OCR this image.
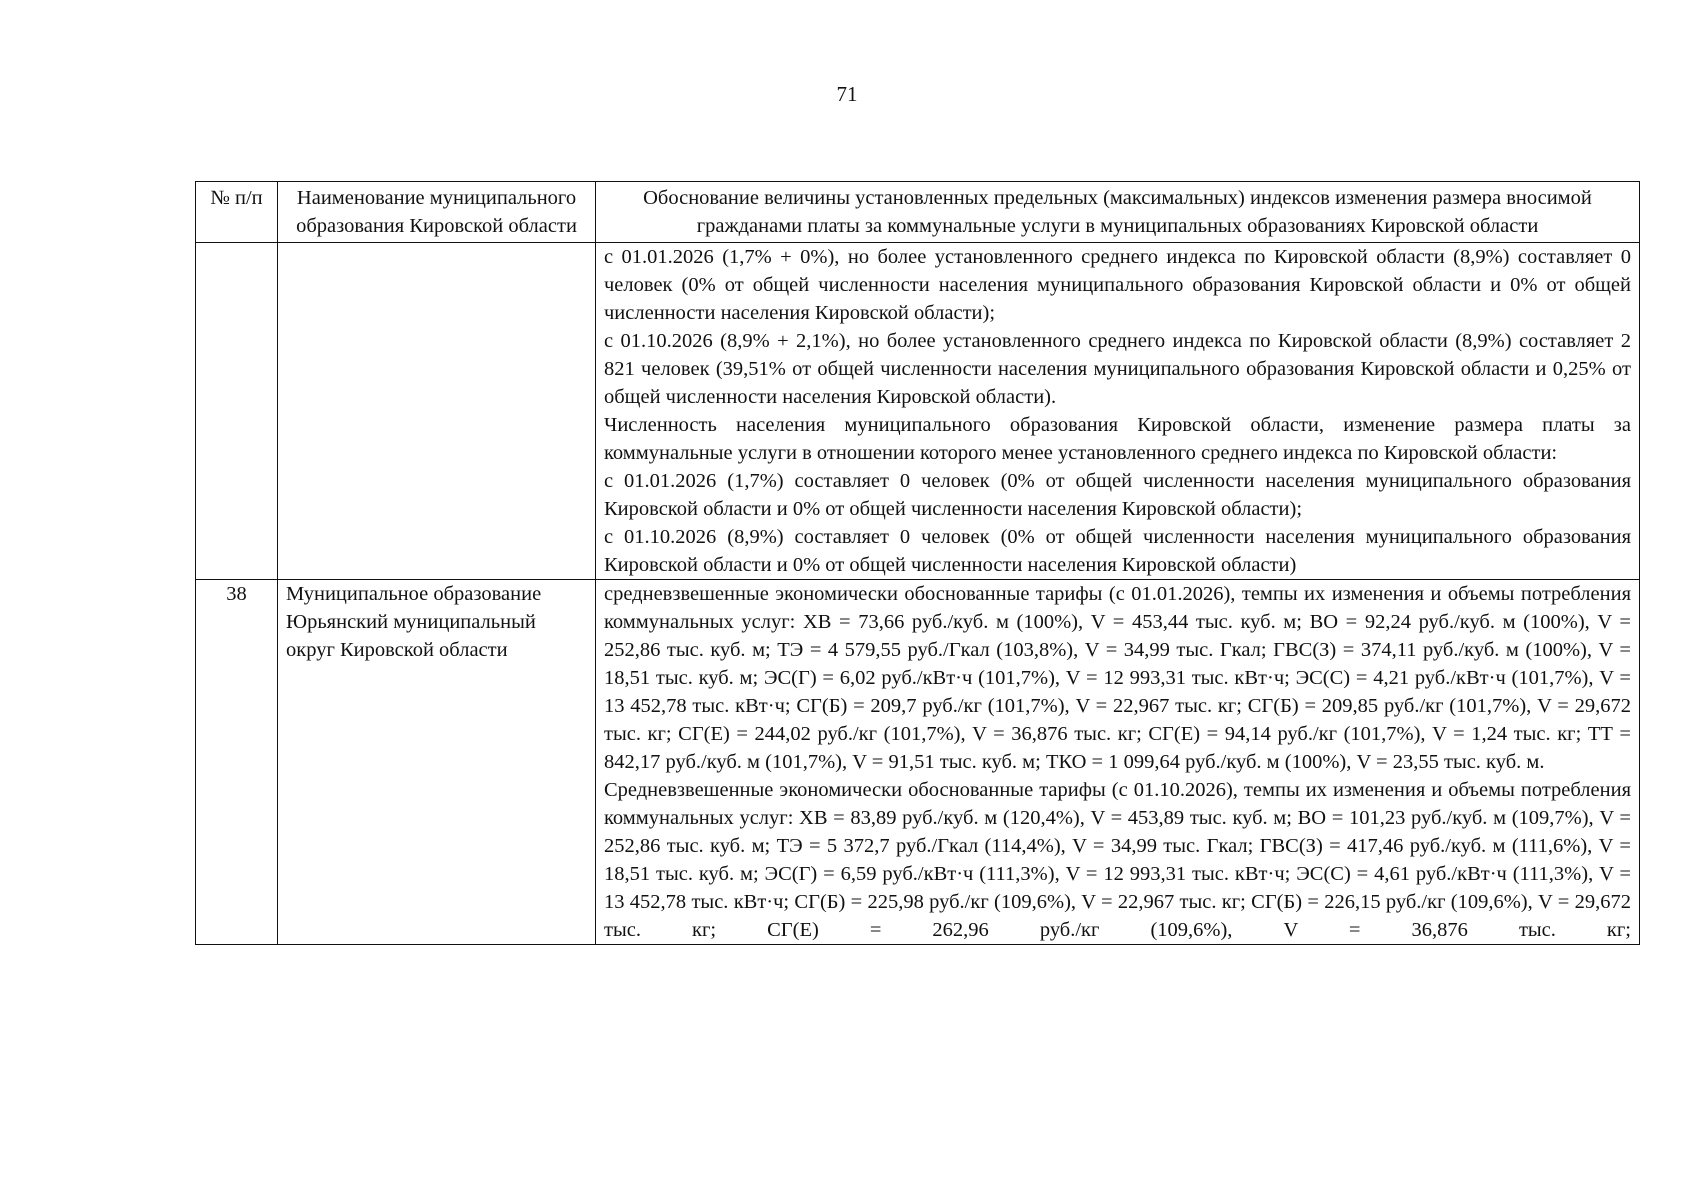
71
№ п/п	Наименование муниципального образования Кировской области	Обоснование величины установленных предельных (максимальных) индексов изменения размера вносимой гражданами платы за коммунальные услуги в муниципальных образованиях Кировской области

		с 01.01.2026 (1,7% + 0%), но более установленного среднего индекса по Кировской области (8,9%) составляет 0 человек (0% от общей численности населения муниципального образования Кировской области и 0% от общей численности населения Кировской области);

с 01.10.2026 (8,9% + 2,1%), но более установленного среднего индекса по Кировской области (8,9%) составляет 2 821 человек (39,51% от общей численности населения муниципального образования Кировской области и 0,25% от общей численности населения Кировской области).

Численность населения муниципального образования Кировской области, изменение размера платы за коммунальные услуги в отношении которого менее установленного среднего индекса по Кировской области:

с 01.01.2026 (1,7%) составляет 0 человек (0% от общей численности населения муниципального образования Кировской области и 0% от общей численности населения Кировской области);

с 01.10.2026 (8,9%) составляет 0 человек (0% от общей численности населения муниципального образования Кировской области и 0% от общей численности населения Кировской области)

38	Муниципальное образование Юрьянский муниципальный округ Кировской области	средневзвешенные экономически обоснованные тарифы (с 01.01.2026), темпы их изменения и объемы потребления коммунальных услуг: ХВ = 73,66 руб./куб. м (100%), V = 453,44 тыс. куб. м; ВО = 92,24 руб./куб. м (100%), V = 252,86 тыс. куб. м; ТЭ = 4 579,55 руб./Гкал (103,8%), V = 34,99 тыс. Гкал; ГВС(З) = 374,11 руб./куб. м (100%), V = 18,51 тыс. куб. м; ЭС(Г) = 6,02 руб./кВт·ч (101,7%), V = 12 993,31 тыс. кВт·ч; ЭС(С) = 4,21 руб./кВт·ч (101,7%), V = 13 452,78 тыс. кВт·ч; СГ(Б) = 209,7 руб./кг (101,7%), V = 22,967 тыс. кг; СГ(Б) = 209,85 руб./кг (101,7%), V = 29,672 тыс. кг; СГ(Е) = 244,02 руб./кг (101,7%), V = 36,876 тыс. кг; СГ(Е) = 94,14 руб./кг (101,7%), V = 1,24 тыс. кг; ТТ = 842,17 руб./куб. м (101,7%), V = 91,51 тыс. куб. м; ТКО = 1 099,64 руб./куб. м (100%), V = 23,55 тыс. куб. м.

Средневзвешенные экономически обоснованные тарифы (с 01.10.2026), темпы их изменения и объемы потребления коммунальных услуг: ХВ = 83,89 руб./куб. м (120,4%), V = 453,89 тыс. куб. м; ВО = 101,23 руб./куб. м (109,7%), V = 252,86 тыс. куб. м; ТЭ = 5 372,7 руб./Гкал (114,4%), V = 34,99 тыс. Гкал; ГВС(З) = 417,46 руб./куб. м (111,6%), V = 18,51 тыс. куб. м; ЭС(Г) = 6,59 руб./кВт·ч (111,3%), V = 12 993,31 тыс. кВт·ч; ЭС(С) = 4,61 руб./кВт·ч (111,3%), V = 13 452,78 тыс. кВт·ч; СГ(Б) = 225,98 руб./кг (109,6%), V = 22,967 тыс. кг; СГ(Б) = 226,15 руб./кг (109,6%), V = 29,672 тыс. кг; СГ(Е) = 262,96 руб./кг (109,6%), V = 36,876 тыс. кг;
